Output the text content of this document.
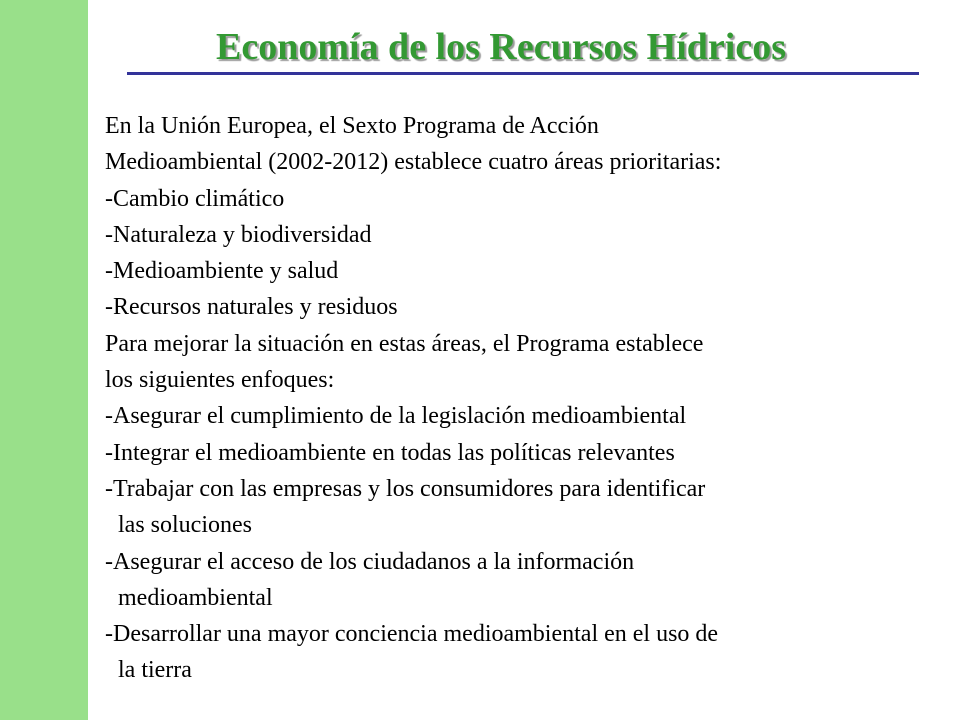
Economía de los Recursos Hídricos
En la Unión Europea, el Sexto Programa de Acción
Medioambiental (2002-2012) establece cuatro áreas prioritarias:
-Cambio climático
-Naturaleza y biodiversidad
-Medioambiente y salud
-Recursos naturales y residuos
Para mejorar la situación en estas áreas, el Programa establece
los siguientes enfoques:
-Asegurar el cumplimiento de la legislación medioambiental
-Integrar el medioambiente en todas las políticas relevantes
-Trabajar con las empresas y los consumidores para identificar
las soluciones
-Asegurar el acceso de los ciudadanos a la información
medioambiental
-Desarrollar una mayor conciencia medioambiental en el uso de
la tierra
